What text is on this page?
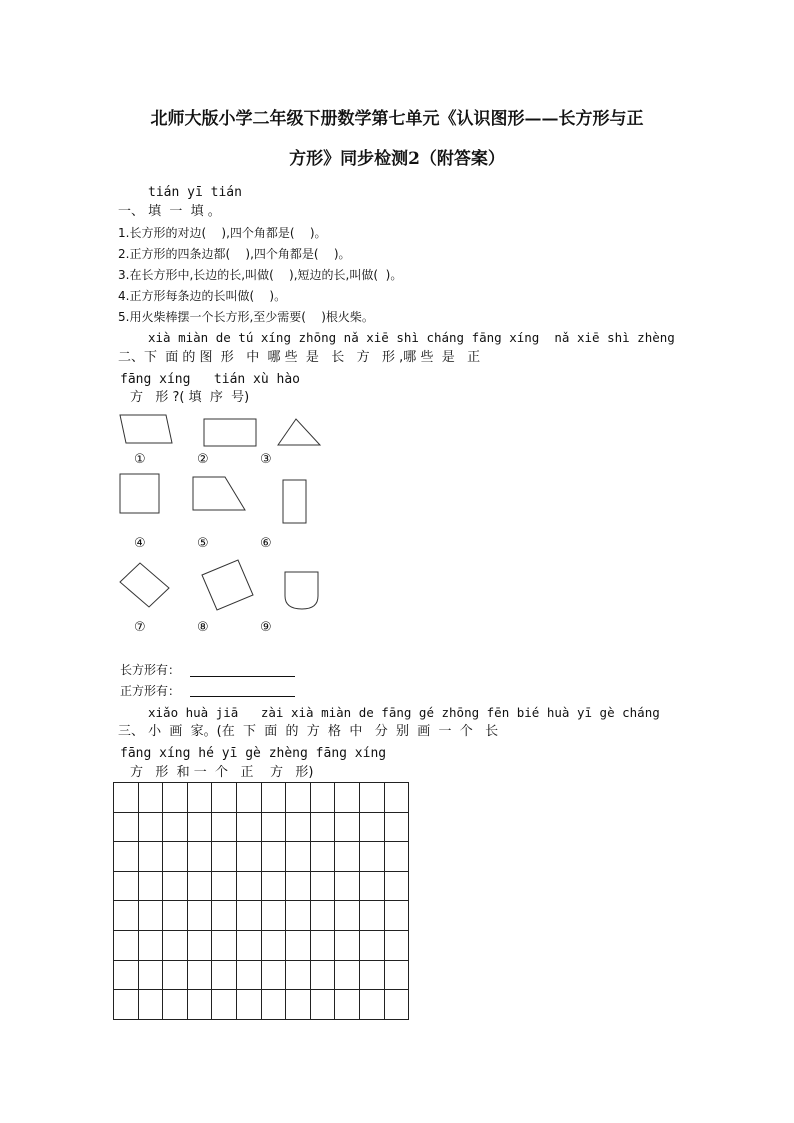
北师大版小学二年级下册数学第七单元《认识图形——长方形与正
方形》同步检测2（附答案）
tián yī tián
一、 填  一  填 。
1.长方形的对边(    ),四个角都是(    )。
2.正方形的四条边都(    ),四个角都是(    )。
3.在长方形中,长边的长,叫做(    ),短边的长,叫做(  )。
4.正方形每条边的长叫做(    )。
5.用火柴棒摆一个长方形,至少需要(    )根火柴。
xià miàn de tú xíng zhōng nǎ xiē shì cháng fāng xíng  nǎ xiē shì zhèng
二、下  面 的 图  形   中  哪 些  是   长   方   形 ,哪 些  是   正
fāng xíng   tián xù hào
方   形 ?( 填  序  号)
①	②	③
④	⑤	⑥
⑦	⑧	⑨
长方形有：
正方形有：
xiǎo huà jiā   zài xià miàn de fāng gé zhōng fēn bié huà yī gè cháng
三、 小  画  家。(在  下  面  的  方  格  中   分  别  画  一  个   长
fāng xíng hé yī gè zhèng fāng xíng
方   形  和 一  个   正    方   形)
